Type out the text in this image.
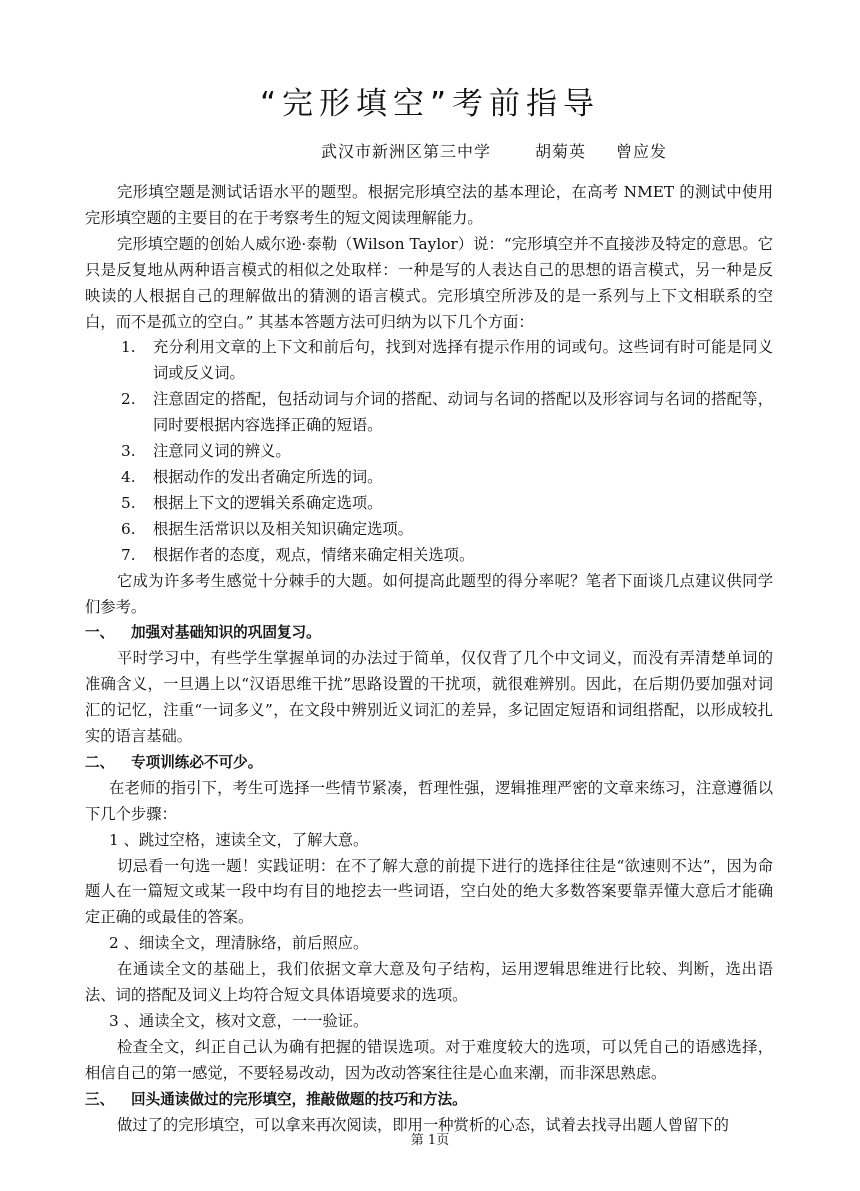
“完形填空”考前指导
武汉市新洲区第三中学	胡菊英 曾应发

完形填空题是测试话语水平的题型。根据完形填空法的基本理论，在高考 NMET 的测试中使用完形填空题的主要目的在于考察考生的短文阅读理解能力。

完形填空题的创始人威尔逊·泰勒（Wilson Taylor）说：“完形填空并不直接涉及特定的意思。它只是反复地从两种语言模式的相似之处取样：一种是写的人表达自己的思想的语言模式，另一种是反映读的人根据自己的理解做出的猜测的语言模式。完形填空所涉及的是一系列与上下文相联系的空白，而不是孤立的空白。” 其基本答题方法可归纳为以下几个方面：

1. 充分利用文章的上下文和前后句，找到对选择有提示作用的词或句。这些词有时可能是同义词或反义词。
2. 注意固定的搭配，包括动词与介词的搭配、动词与名词的搭配以及形容词与名词的搭配等，同时要根据内容选择正确的短语。
3. 注意同义词的辨义。
4. 根据动作的发出者确定所选的词。
5. 根据上下文的逻辑关系确定选项。
6. 根据生活常识以及相关知识确定选项。
7. 根据作者的态度，观点，情绪来确定相关选项。

它成为许多考生感觉十分棘手的大题。如何提高此题型的得分率呢？笔者下面谈几点建议供同学们参考。

一、 加强对基础知识的巩固复习。

平时学习中，有些学生掌握单词的办法过于简单，仅仅背了几个中文词义，而没有弄清楚单词的准确含义，一旦遇上以“汉语思维干扰”思路设置的干扰项，就很难辨别。因此，在后期仍要加强对词汇的记忆，注重“一词多义”，在文段中辨别近义词汇的差异，多记固定短语和词组搭配，以形成较扎实的语言基础。

二、 专项训练必不可少。

在老师的指引下，考生可选择一些情节紧凑，哲理性强，逻辑推理严密的文章来练习，注意遵循以下几个步骤：

1 、跳过空格，速读全文，了解大意。

切忌看一句选一题！实践证明：在不了解大意的前提下进行的选择往往是“欲速则不达”，因为命题人在一篇短文或某一段中均有目的地挖去一些词语，空白处的绝大多数答案要靠弄懂大意后才能确定正确的或最佳的答案。

2 、细读全文，理清脉络，前后照应。

在通读全文的基础上，我们依据文章大意及句子结构，运用逻辑思维进行比较、判断，选出语法、词的搭配及词义上均符合短文具体语境要求的选项。

3 、通读全文，核对文意，一一验证。

检查全文，纠正自己认为确有把握的错误选项。对于难度较大的选项，可以凭自己的语感选择，相信自己的第一感觉，不要轻易改动，因为改动答案往往是心血来潮，而非深思熟虑。

三、 回头通读做过的完形填空，推敲做题的技巧和方法。

做过了的完形填空，可以拿来再次阅读，即用一种赏析的心态，试着去找寻出题人曾留下的

第 1页
